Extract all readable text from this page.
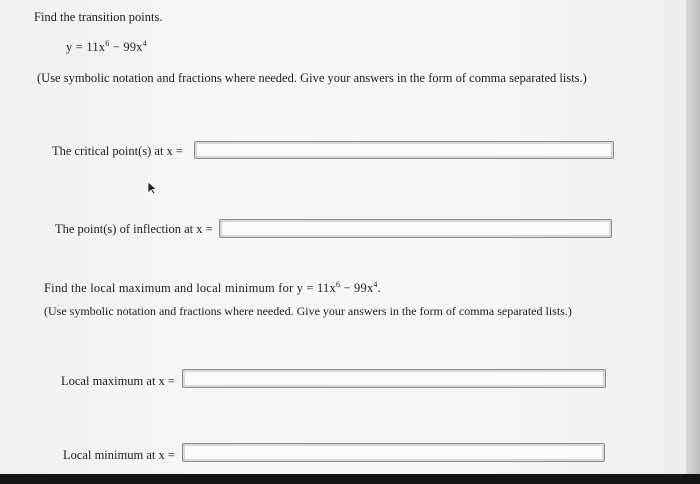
Find the transition points.
$y = 11x^6 - 99x^4$
(Use symbolic notation and fractions where needed. Give your answers in the form of comma separated lists.)
The critical point(s) at x =
The point(s) of inflection at x =
Find the local maximum and local minimum for $y = 11x^6 - 99x^4$.
(Use symbolic notation and fractions where needed. Give your answers in the form of comma separated lists.)
Local maximum at x =
Local minimum at x =
